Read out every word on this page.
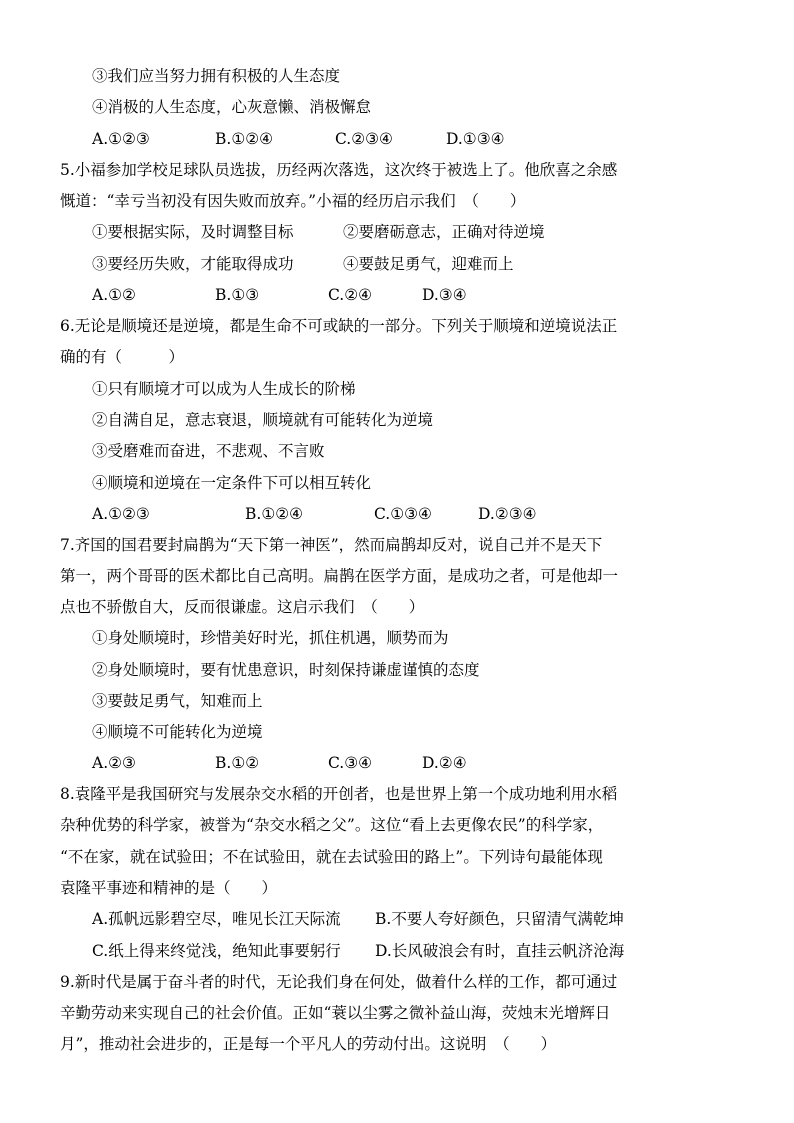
③我们应当努力拥有积极的人生态度

④消极的人生态度，心灰意懒、消极懈怠

A.①②③	B.①②④	C.②③④	D.①③④

5.小福参加学校足球队员选拔，历经两次落选，这次终于被选上了。他欣喜之余感

慨道：“幸亏当初没有因失败而放弃。”小福的经历启示我们　（　　）

①要根据实际，及时调整目标	②要磨砺意志，正确对待逆境

③要经历失败，才能取得成功	④要鼓足勇气，迎难而上

A.①②	B.①③	C.②④	D.③④

6.无论是顺境还是逆境，都是生命不可或缺的一部分。下列关于顺境和逆境说法正

确的有（　　　）

①只有顺境才可以成为人生成长的阶梯

②自满自足，意志衰退，顺境就有可能转化为逆境

③受磨难而奋进，不悲观、不言败

④顺境和逆境在一定条件下可以相互转化

A.①②③	B.①②④	C.①③④	D.②③④

7.齐国的国君要封扁鹊为“天下第一神医”，然而扁鹊却反对，说自己并不是天下

第一，两个哥哥的医术都比自己高明。扁鹊在医学方面，是成功之者，可是他却一

点也不骄傲自大，反而很谦虚。这启示我们　（　　）

①身处顺境时，珍惜美好时光，抓住机遇，顺势而为

②身处顺境时，要有忧患意识，时刻保持谦虚谨慎的态度

③要鼓足勇气，知难而上

④顺境不可能转化为逆境

A.②③	B.①②	C.③④	D.②④

8.袁隆平是我国研究与发展杂交水稻的开创者，也是世界上第一个成功地利用水稻

杂种优势的科学家，被誉为“杂交水稻之父”。这位“看上去更像农民”的科学家，

“不在家，就在试验田；不在试验田，就在去试验田的路上”。下列诗句最能体现

袁隆平事迹和精神的是（　　）

A.孤帆远影碧空尽，唯见长江天际流 B.不要人夸好颜色，只留清气满乾坤

C.纸上得来终觉浅，绝知此事要躬行 D.长风破浪会有时，直挂云帆济沧海

9.新时代是属于奋斗者的时代，无论我们身在何处，做着什么样的工作，都可通过

辛勤劳动来实现自己的社会价值。正如“蓑以尘雾之微补益山海，荧烛末光增辉日

月”，推动社会进步的，正是每一个平凡人的劳动付出。这说明　（　　）
